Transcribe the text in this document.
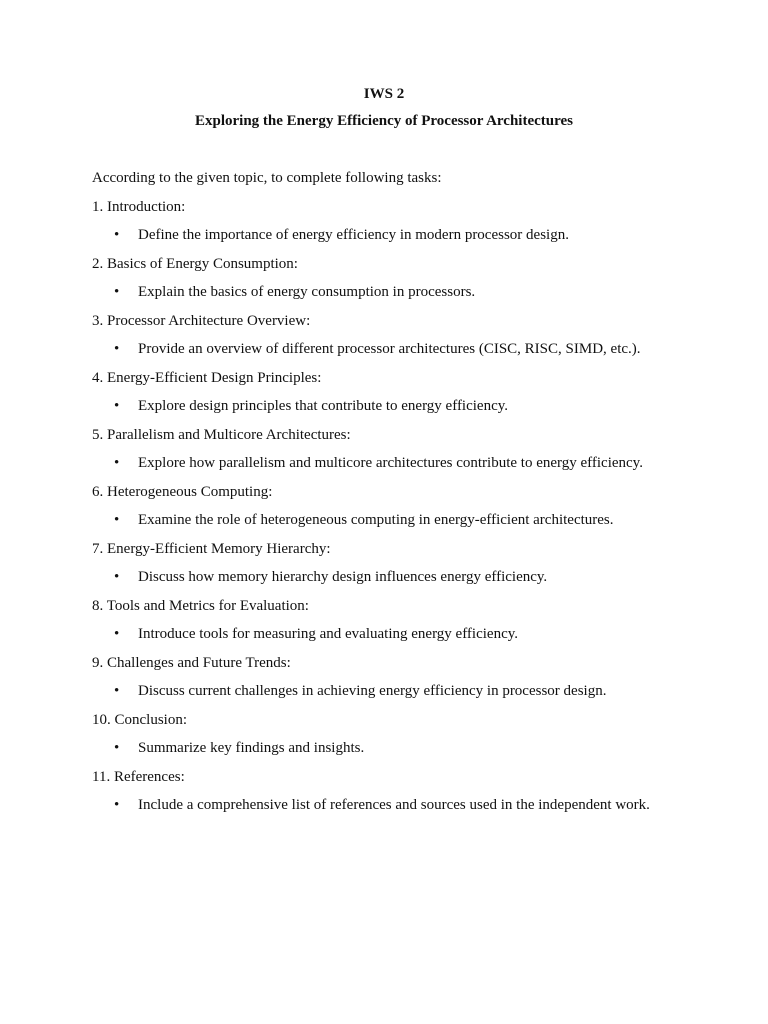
IWS 2
Exploring the Energy Efficiency of Processor Architectures
According to the given topic, to complete following tasks:
1. Introduction:
• Define the importance of energy efficiency in modern processor design.
2. Basics of Energy Consumption:
• Explain the basics of energy consumption in processors.
3. Processor Architecture Overview:
• Provide an overview of different processor architectures (CISC, RISC, SIMD, etc.).
4. Energy-Efficient Design Principles:
• Explore design principles that contribute to energy efficiency.
5. Parallelism and Multicore Architectures:
• Explore how parallelism and multicore architectures contribute to energy efficiency.
6. Heterogeneous Computing:
• Examine the role of heterogeneous computing in energy-efficient architectures.
7. Energy-Efficient Memory Hierarchy:
• Discuss how memory hierarchy design influences energy efficiency.
8. Tools and Metrics for Evaluation:
• Introduce tools for measuring and evaluating energy efficiency.
9. Challenges and Future Trends:
• Discuss current challenges in achieving energy efficiency in processor design.
10. Conclusion:
• Summarize key findings and insights.
11. References:
• Include a comprehensive list of references and sources used in the independent work.
